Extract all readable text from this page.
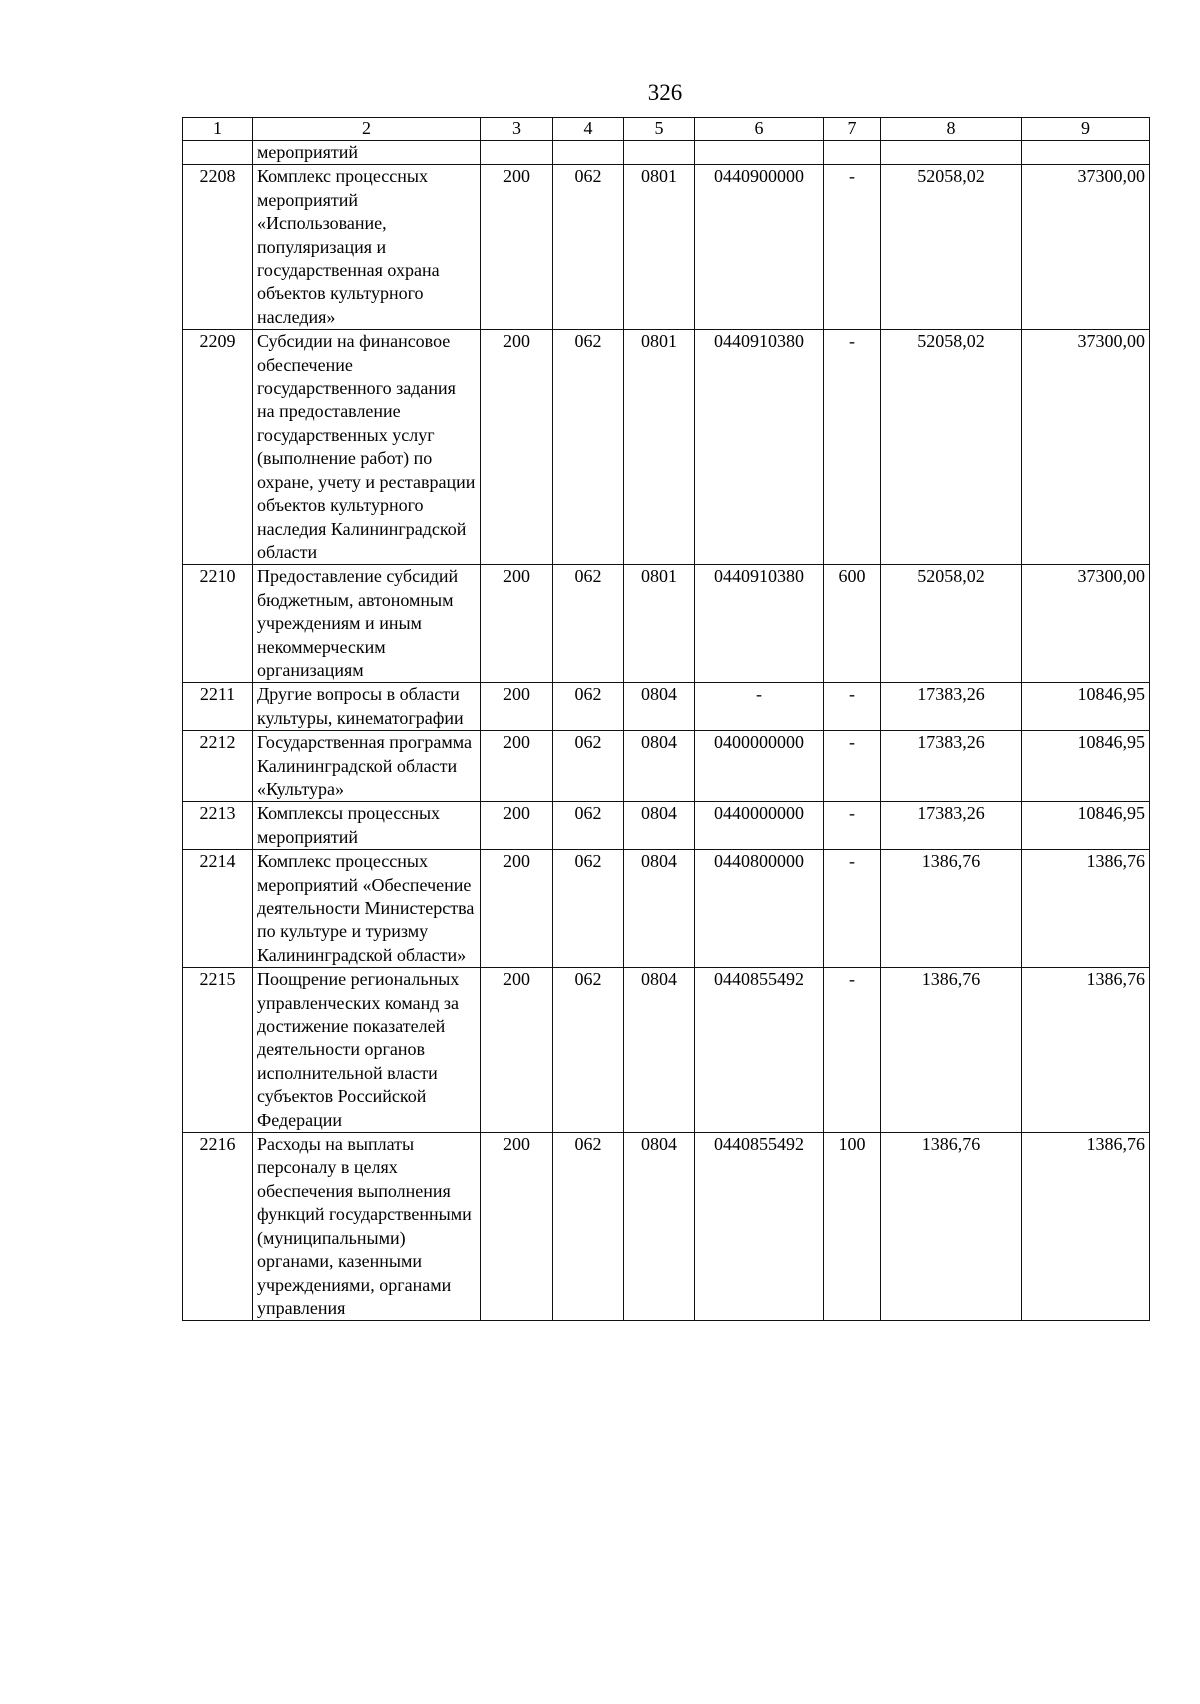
326
1	2	3	4	5	6	7	8	9
	мероприятий							
2208	Комплекс процессных мероприятий «Использование, популяризация и государственная охрана объектов культурного наследия»	200	062	0801	0440900000	-	52058,02	37300,00
2209	Субсидии на финансовое обеспечение государственного задания на предоставление государственных услуг (выполнение работ) по охране, учету и реставрации объектов культурного наследия Калининградской области	200	062	0801	0440910380	-	52058,02	37300,00
2210	Предоставление субсидий бюджетным, автономным учреждениям и иным некоммерческим организациям	200	062	0801	0440910380	600	52058,02	37300,00
2211	Другие вопросы в области культуры, кинематографии	200	062	0804	-	-	17383,26	10846,95
2212	Государственная программа Калининградской области «Культура»	200	062	0804	0400000000	-	17383,26	10846,95
2213	Комплексы процессных мероприятий	200	062	0804	0440000000	-	17383,26	10846,95
2214	Комплекс процессных мероприятий «Обеспечение деятельности Министерства по культуре и туризму Калининградской области»	200	062	0804	0440800000	-	1386,76	1386,76
2215	Поощрение региональных управленческих команд за достижение показателей деятельности органов исполнительной власти субъектов Российской Федерации	200	062	0804	0440855492	-	1386,76	1386,76
2216	Расходы на выплаты персоналу в целях обеспечения выполнения функций государственными (муниципальными) органами, казенными учреждениями, органами управления	200	062	0804	0440855492	100	1386,76	1386,76
